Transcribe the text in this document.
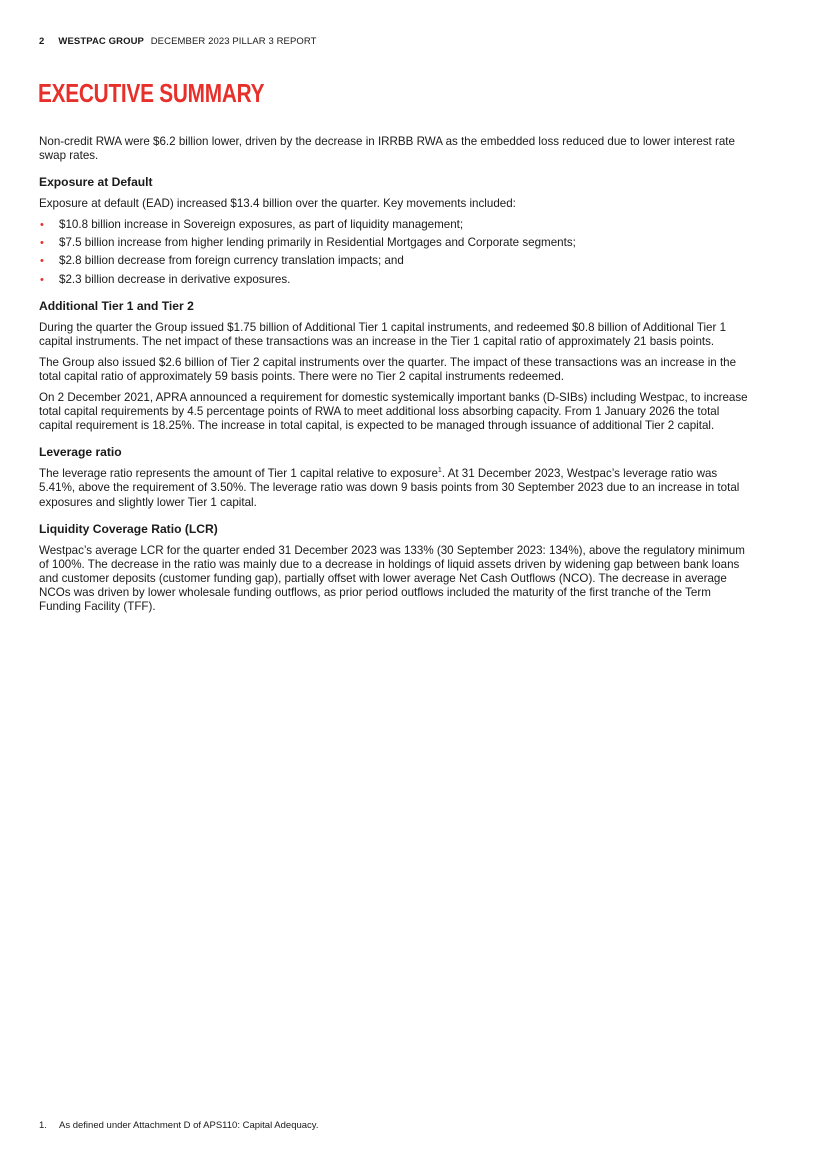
2 WESTPAC GROUP DECEMBER 2023 PILLAR 3 REPORT
EXECUTIVE SUMMARY

Non-credit RWA were $6.2 billion lower, driven by the decrease in IRRBB RWA as the embedded loss reduced due to lower interest rate swap rates.

Exposure at Default

Exposure at default (EAD) increased $13.4 billion over the quarter. Key movements included:

• $10.8 billion increase in Sovereign exposures, as part of liquidity management;
• $7.5 billion increase from higher lending primarily in Residential Mortgages and Corporate segments;
• $2.8 billion decrease from foreign currency translation impacts; and
• $2.3 billion decrease in derivative exposures.
Additional Tier 1 and Tier 2

During the quarter the Group issued $1.75 billion of Additional Tier 1 capital instruments, and redeemed $0.8 billion of Additional Tier 1 capital instruments. The net impact of these transactions was an increase in the Tier 1 capital ratio of approximately 21 basis points.

The Group also issued $2.6 billion of Tier 2 capital instruments over the quarter. The impact of these transactions was an increase in the total capital ratio of approximately 59 basis points. There were no Tier 2 capital instruments redeemed.

On 2 December 2021, APRA announced a requirement for domestic systemically important banks (D-SIBs) including Westpac, to increase total capital requirements by 4.5 percentage points of RWA to meet additional loss absorbing capacity. From 1 January 2026 the total capital requirement is 18.25%. The increase in total capital, is expected to be managed through issuance of additional Tier 2 capital.

Leverage ratio

The leverage ratio represents the amount of Tier 1 capital relative to exposure$^1$. At 31 December 2023, Westpac’s leverage ratio was 5.41%, above the requirement of 3.50%. The leverage ratio was down 9 basis points from 30 September 2023 due to an increase in total exposures and slightly lower Tier 1 capital.

Liquidity Coverage Ratio (LCR)

Westpac’s average LCR for the quarter ended 31 December 2023 was 133% (30 September 2023: 134%), above the regulatory minimum of 100%. The decrease in the ratio was mainly due to a decrease in holdings of liquid assets driven by widening gap between bank loans and customer deposits (customer funding gap), partially offset with lower average Net Cash Outflows (NCO). The decrease in average NCOs was driven by lower wholesale funding outflows, as prior period outflows included the maturity of the first tranche of the Term Funding Facility (TFF).

1. As defined under Attachment D of APS110: Capital Adequacy.
